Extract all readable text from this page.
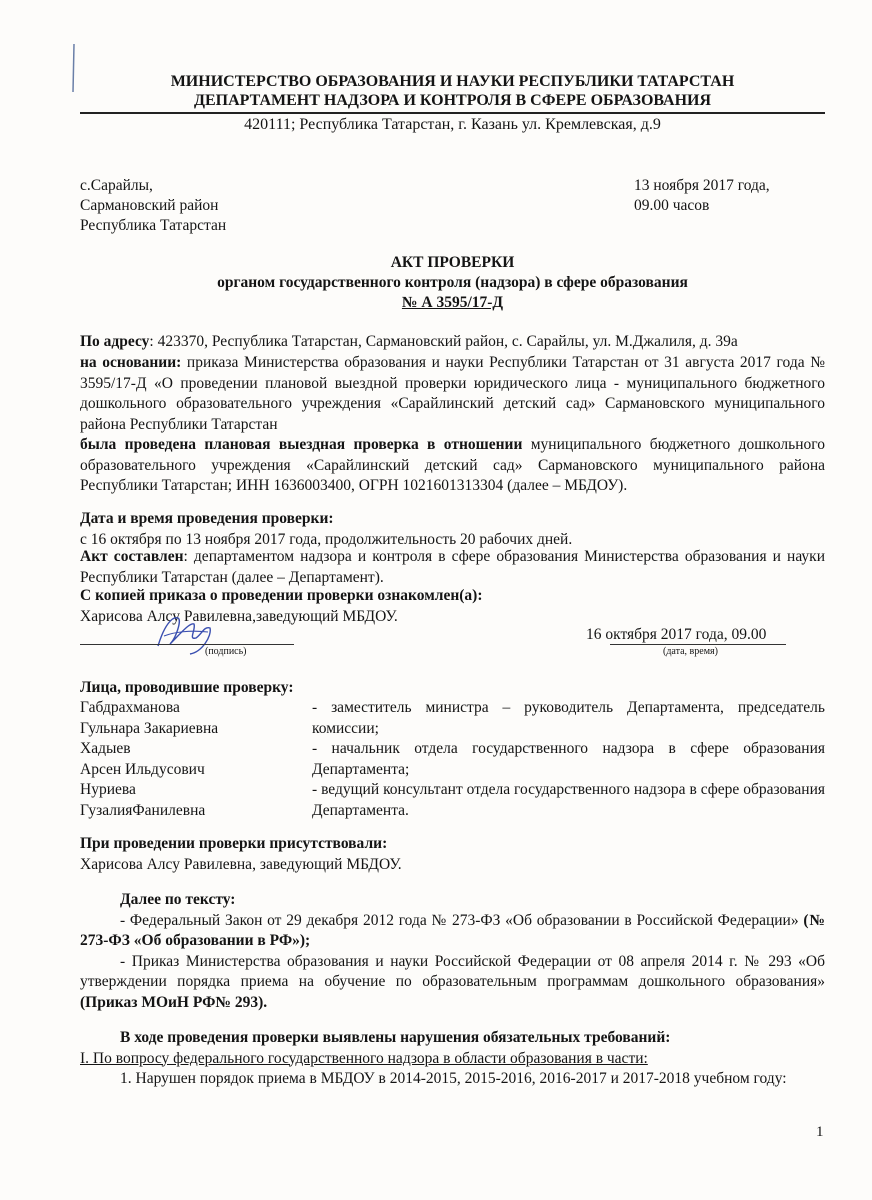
МИНИСТЕРСТВО ОБРАЗОВАНИЯ И НАУКИ РЕСПУБЛИКИ ТАТАРСТАН
ДЕПАРТАМЕНТ НАДЗОРА И КОНТРОЛЯ В СФЕРЕ ОБРАЗОВАНИЯ
420111; Республика Татарстан, г. Казань ул. Кремлевская, д.9
с.Сарайлы,
Сармановский район
Республика Татарстан
13 ноября 2017 года,
09.00 часов
АКТ ПРОВЕРКИ
органом государственного контроля (надзора) в сфере образования
№ А 3595/17-Д
По адресу: 423370, Республика Татарстан, Сармановский район, с. Сарайлы, ул. М.Джалиля, д. 39а
на основании: приказа Министерства образования и науки Республики Татарстан от 31 августа 2017 года № 3595/17-Д «О проведении плановой выездной проверки юридического лица - муниципального бюджетного дошкольного образовательного учреждения «Сарайлинский детский сад» Сармановского муниципального района Республики Татарстан
была проведена плановая выездная проверка в отношении муниципального бюджетного дошкольного образовательного учреждения «Сарайлинский детский сад» Сармановского муниципального района Республики Татарстан; ИНН 1636003400, ОГРН 1021601313304 (далее – МБДОУ).
Дата и время проведения проверки:
с 16 октября по 13 ноября 2017 года, продолжительность 20 рабочих дней.
Акт составлен: департаментом надзора и контроля в сфере образования Министерства образования и науки Республики Татарстан (далее – Департамент).
С копией приказа о проведении проверки ознакомлен(а):
Харисова Алсу Равилевна,заведующий МБДОУ.
(подпись)
16 октября 2017 года, 09.00
(дата, время)
Лица, проводившие проверку:
Габдрахманова
Гульнара Закариевна
Хадыев
Арсен Ильдусович
Нуриева
ГузалияФанилевна
- заместитель министра – руководитель Департамента, председатель комиссии;
- начальник отдела государственного надзора в сфере образования Департамента;
- ведущий консультант отдела государственного надзора в сфере образования Департамента.
При проведении проверки присутствовали:
Харисова Алсу Равилевна, заведующий МБДОУ.
Далее по тексту:
- Федеральный Закон от 29 декабря 2012 года № 273-ФЗ «Об образовании в Российской Федерации» (№ 273-ФЗ «Об образовании в РФ»);
- Приказ Министерства образования и науки Российской Федерации от 08 апреля 2014 г. № 293 «Об утверждении порядка приема на обучение по образовательным программам дошкольного образования» (Приказ МОиН РФ№ 293).
В ходе проведения проверки выявлены нарушения обязательных требований:
I. По вопросу федерального государственного надзора в области образования в части:
1. Нарушен порядок приема в МБДОУ в 2014-2015, 2015-2016, 2016-2017 и 2017-2018 учебном году:
1
